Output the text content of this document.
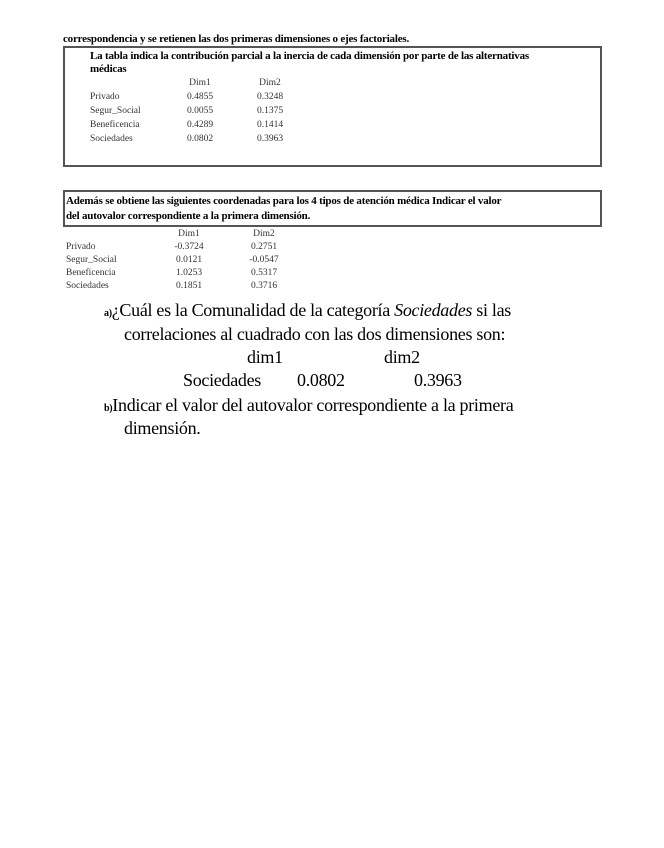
correspondencia y se retienen las dos primeras dimensiones o ejes factoriales.
La tabla indica la contribución parcial a la inercia de cada dimensión por parte de las alternativas
médicas
Dim1	Dim2
Privado	0.4855	0.3248
Segur_Social	0.0055	0.1375
Beneficencia	0.4289	0.1414
Sociedades	0.0802	0.3963
Además se obtiene las siguientes coordenadas para los 4 tipos de atención médica Indicar el valor
del autovalor correspondiente a la primera dimensión.
Dim1	Dim2
Privado	-0.3724	0.2751
Segur_Social	0.0121	-0.0547
Beneficencia	1.0253	0.5317
Sociedades	0.1851	0.3716
a)¿Cuál es la Comunalidad de la categoría Sociedades si las
correlaciones al cuadrado con las dos dimensiones son:
dim1	dim2
Sociedades 0.0802	0.3963
b)Indicar el valor del autovalor correspondiente a la primera
dimensión.
